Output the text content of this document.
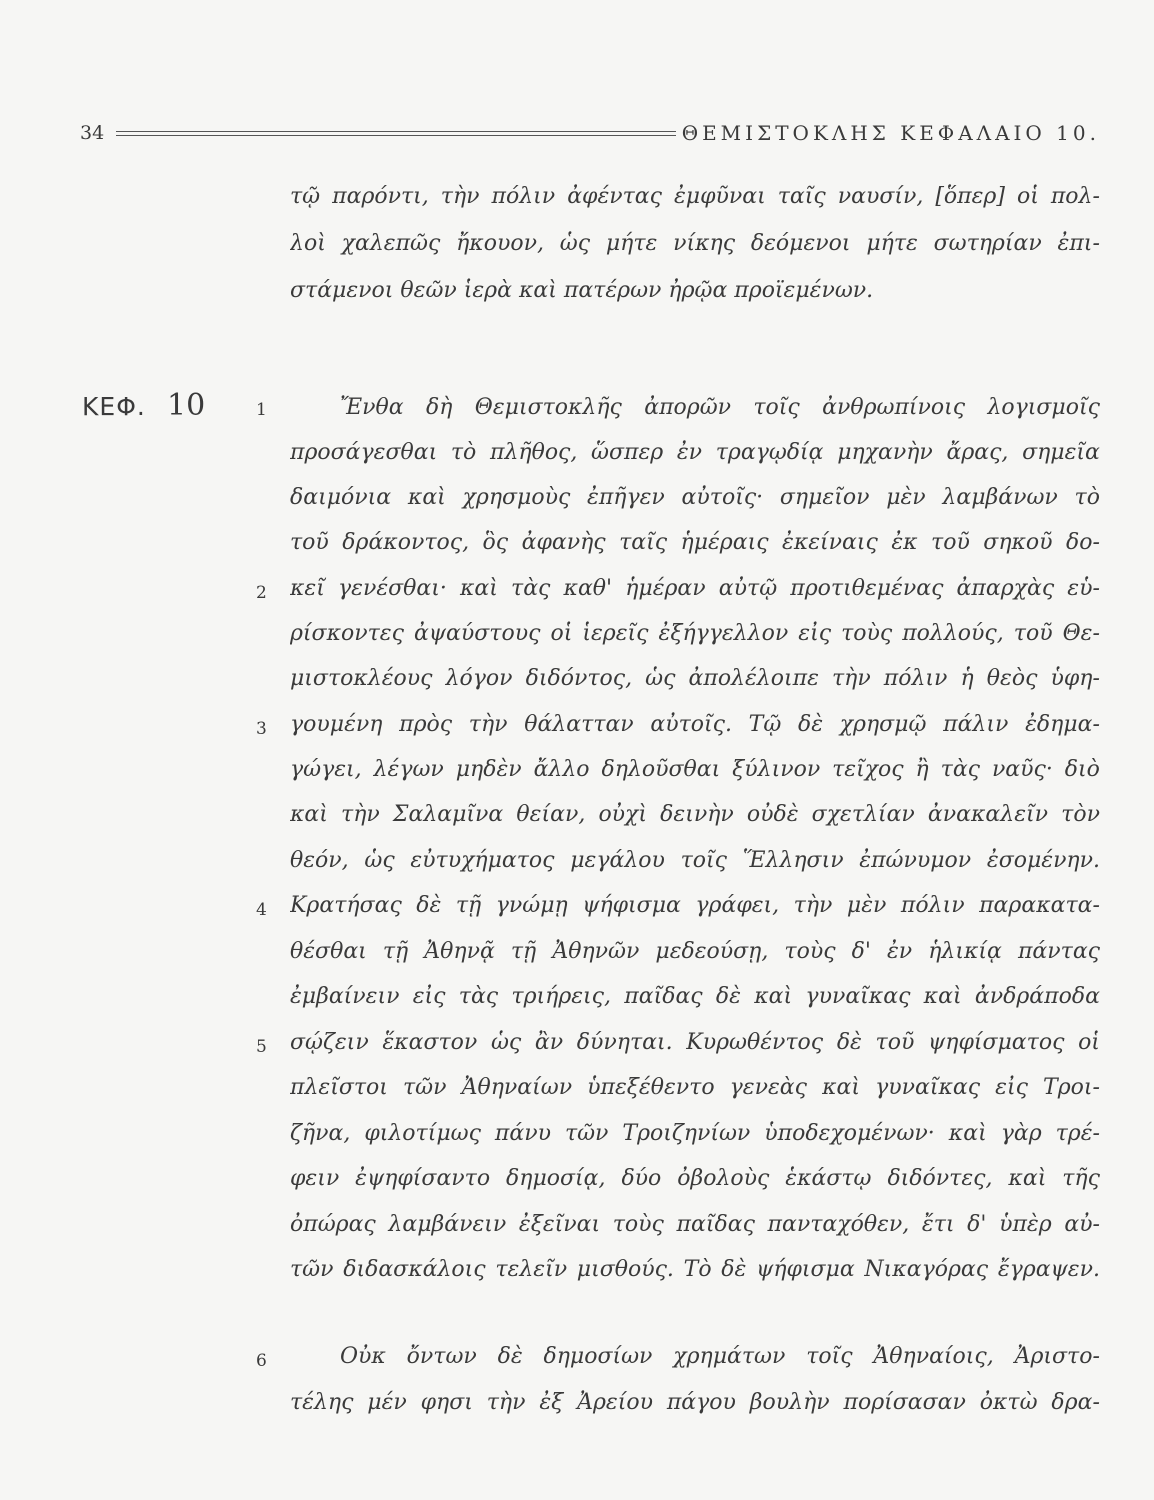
34	ΘΕΜΙΣΤΟΚΛΗΣ ΚΕΦΑΛΑΙΟ 10.
ΚΕΦ. 10
τῷ παρόντι, τὴν πόλιν ἀφέντας ἐμφῦναι ταῖς ναυσίν, [ὅπερ] οἱ πολ-
λοὶ χαλεπῶς ἤκουον, ὡς μήτε νίκης δεόμενοι μήτε σωτηρίαν ἐπι-
στάμενοι θεῶν ἱερὰ καὶ πατέρων ἠρῷα προϊεμένων.
Ἔνθα δὴ Θεμιστοκλῆς ἀπορῶν τοῖς ἀνθρωπίνοις λογισμοῖς
προσάγεσθαι τὸ πλῆθος, ὥσπερ ἐν τραγῳδίᾳ μηχανὴν ἄρας, σημεῖα
δαιμόνια καὶ χρησμοὺς ἐπῆγεν αὐτοῖς· σημεῖον μὲν λαμβάνων τὸ
τοῦ δράκοντος, ὃς ἀφανὴς ταῖς ἡμέραις ἐκείναις ἐκ τοῦ σηκοῦ δο-
κεῖ γενέσθαι· καὶ τὰς καθ' ἡμέραν αὐτῷ προτιθεμένας ἀπαρχὰς εὑ-
ρίσκοντες ἀψαύστους οἱ ἱερεῖς ἐξήγγελλον εἰς τοὺς πολλούς, τοῦ Θε-
μιστοκλέους λόγον διδόντος, ὡς ἀπολέλοιπε τὴν πόλιν ἡ θεὸς ὑφη-
γουμένη πρὸς τὴν θάλατταν αὐτοῖς. Τῷ δὲ χρησμῷ πάλιν ἐδημα-
γώγει, λέγων μηδὲν ἄλλο δηλοῦσθαι ξύλινον τεῖχος ἢ τὰς ναῦς· διὸ
καὶ τὴν Σαλαμῖνα θείαν, οὐχὶ δεινὴν οὐδὲ σχετλίαν ἀνακαλεῖν τὸν
θεόν, ὡς εὐτυχήματος μεγάλου τοῖς Ἕλλησιν ἐπώνυμον ἐσομένην.
Κρατήσας δὲ τῇ γνώμῃ ψήφισμα γράφει, τὴν μὲν πόλιν παρακατα-
θέσθαι τῇ Ἀθηνᾷ τῇ Ἀθηνῶν μεδεούσῃ, τοὺς δ' ἐν ἡλικίᾳ πάντας
ἐμβαίνειν εἰς τὰς τριήρεις, παῖδας δὲ καὶ γυναῖκας καὶ ἀνδράποδα
σῴζειν ἕκαστον ὡς ἂν δύνηται. Κυρωθέντος δὲ τοῦ ψηφίσματος οἱ
πλεῖστοι τῶν Ἀθηναίων ὑπεξέθεντο γενεὰς καὶ γυναῖκας εἰς Τροι-
ζῆνα, φιλοτίμως πάνυ τῶν Τροιζηνίων ὑποδεχομένων· καὶ γὰρ τρέ-
φειν ἐψηφίσαντο δημοσίᾳ, δύο ὀβολοὺς ἑκάστῳ διδόντες, καὶ τῆς
ὀπώρας λαμβάνειν ἐξεῖναι τοὺς παῖδας πανταχόθεν, ἔτι δ' ὑπὲρ αὐ-
τῶν διδασκάλοις τελεῖν μισθούς. Τὸ δὲ ψήφισμα Νικαγόρας ἔγραψεν.
Οὐκ ὄντων δὲ δημοσίων χρημάτων τοῖς Ἀθηναίοις, Ἀριστο-
τέλης μέν φησι τὴν ἐξ Ἀρείου πάγου βουλὴν πορίσασαν ὀκτὼ δρα-
1
2
3
4
5
6
